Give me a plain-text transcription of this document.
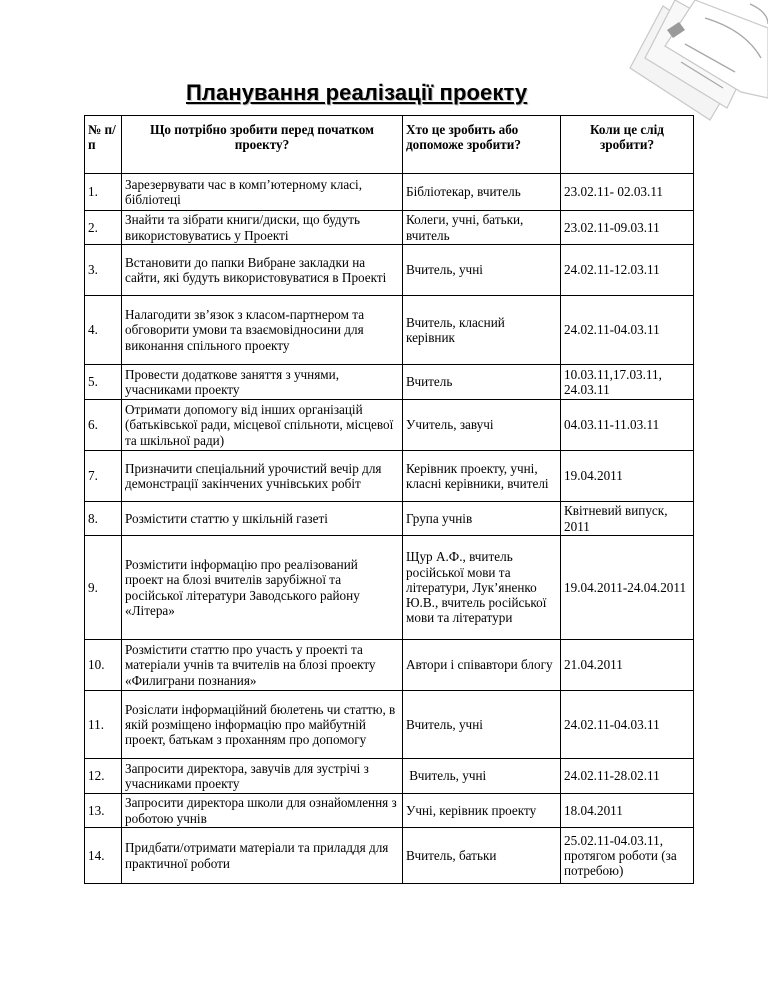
Планування реалізації проекту
№ п/п	Що потрібно зробити перед початком проекту?	Хто це зробить або допоможе зробити?	Коли це слід зробити?
1.	Зарезервувати час в комп’ютерному класі, бібліотеці	Бібліотекар, вчитель	23.02.11- 02.03.11
2.	Знайти та зібрати книги/диски, що будуть використовуватись у Проекті	Колеги, учні, батьки, вчитель	23.02.11-09.03.11
3.	Встановити до папки Вибране закладки на сайти, які будуть використовуватися в Проекті	Вчитель, учні	24.02.11-12.03.11
4.	Налагодити зв’язок з класом-партнером та обговорити умови та взаємовідносини для виконання спільного проекту	Вчитель, класний керівник	24.02.11-04.03.11
5.	Провести додаткове заняття з учнями, учасниками проекту	Вчитель	10.03.11,17.03.11, 24.03.11
6.	Отримати допомогу від інших організацій (батьківської ради, місцевої спільноти, місцевої та шкільної ради)	Учитель, завучі	04.03.11-11.03.11
7.	Призначити спеціальний урочистий вечір для демонстрації закінчених учнівських робіт	Керівник проекту, учні, класні керівники, вчителі	19.04.2011
8.	Розмістити статтю у шкільній газеті	Група учнів	Квітневий випуск, 2011
9.	Розмістити інформацію про реалізований проект на блозі вчителів зарубіжної та російської літератури Заводського району «Літера»	Щур А.Ф., вчитель російської мови та літератури, Лук’яненко Ю.В., вчитель російської мови та літератури	19.04.2011-24.04.2011
10.	Розмістити статтю про участь у проекті та матеріали учнів та вчителів на блозі проекту «Филиграни познания»	Автори і співавтори блогу	21.04.2011
11.	Розіслати інформаційний бюлетень чи статтю, в якій розміщено інформацію про майбутній проект, батькам з проханням про допомогу	Вчитель, учні	24.02.11-04.03.11
12.	Запросити директора, завучів для зустрічі з учасниками проекту	Вчитель, учні	24.02.11-28.02.11
13.	Запросити директора школи для ознайомлення з роботою учнів	Учні, керівник проекту	18.04.2011
14.	Придбати/отримати матеріали та приладдя для практичної роботи	Вчитель, батьки	25.02.11-04.03.11, протягом роботи (за потребою)
